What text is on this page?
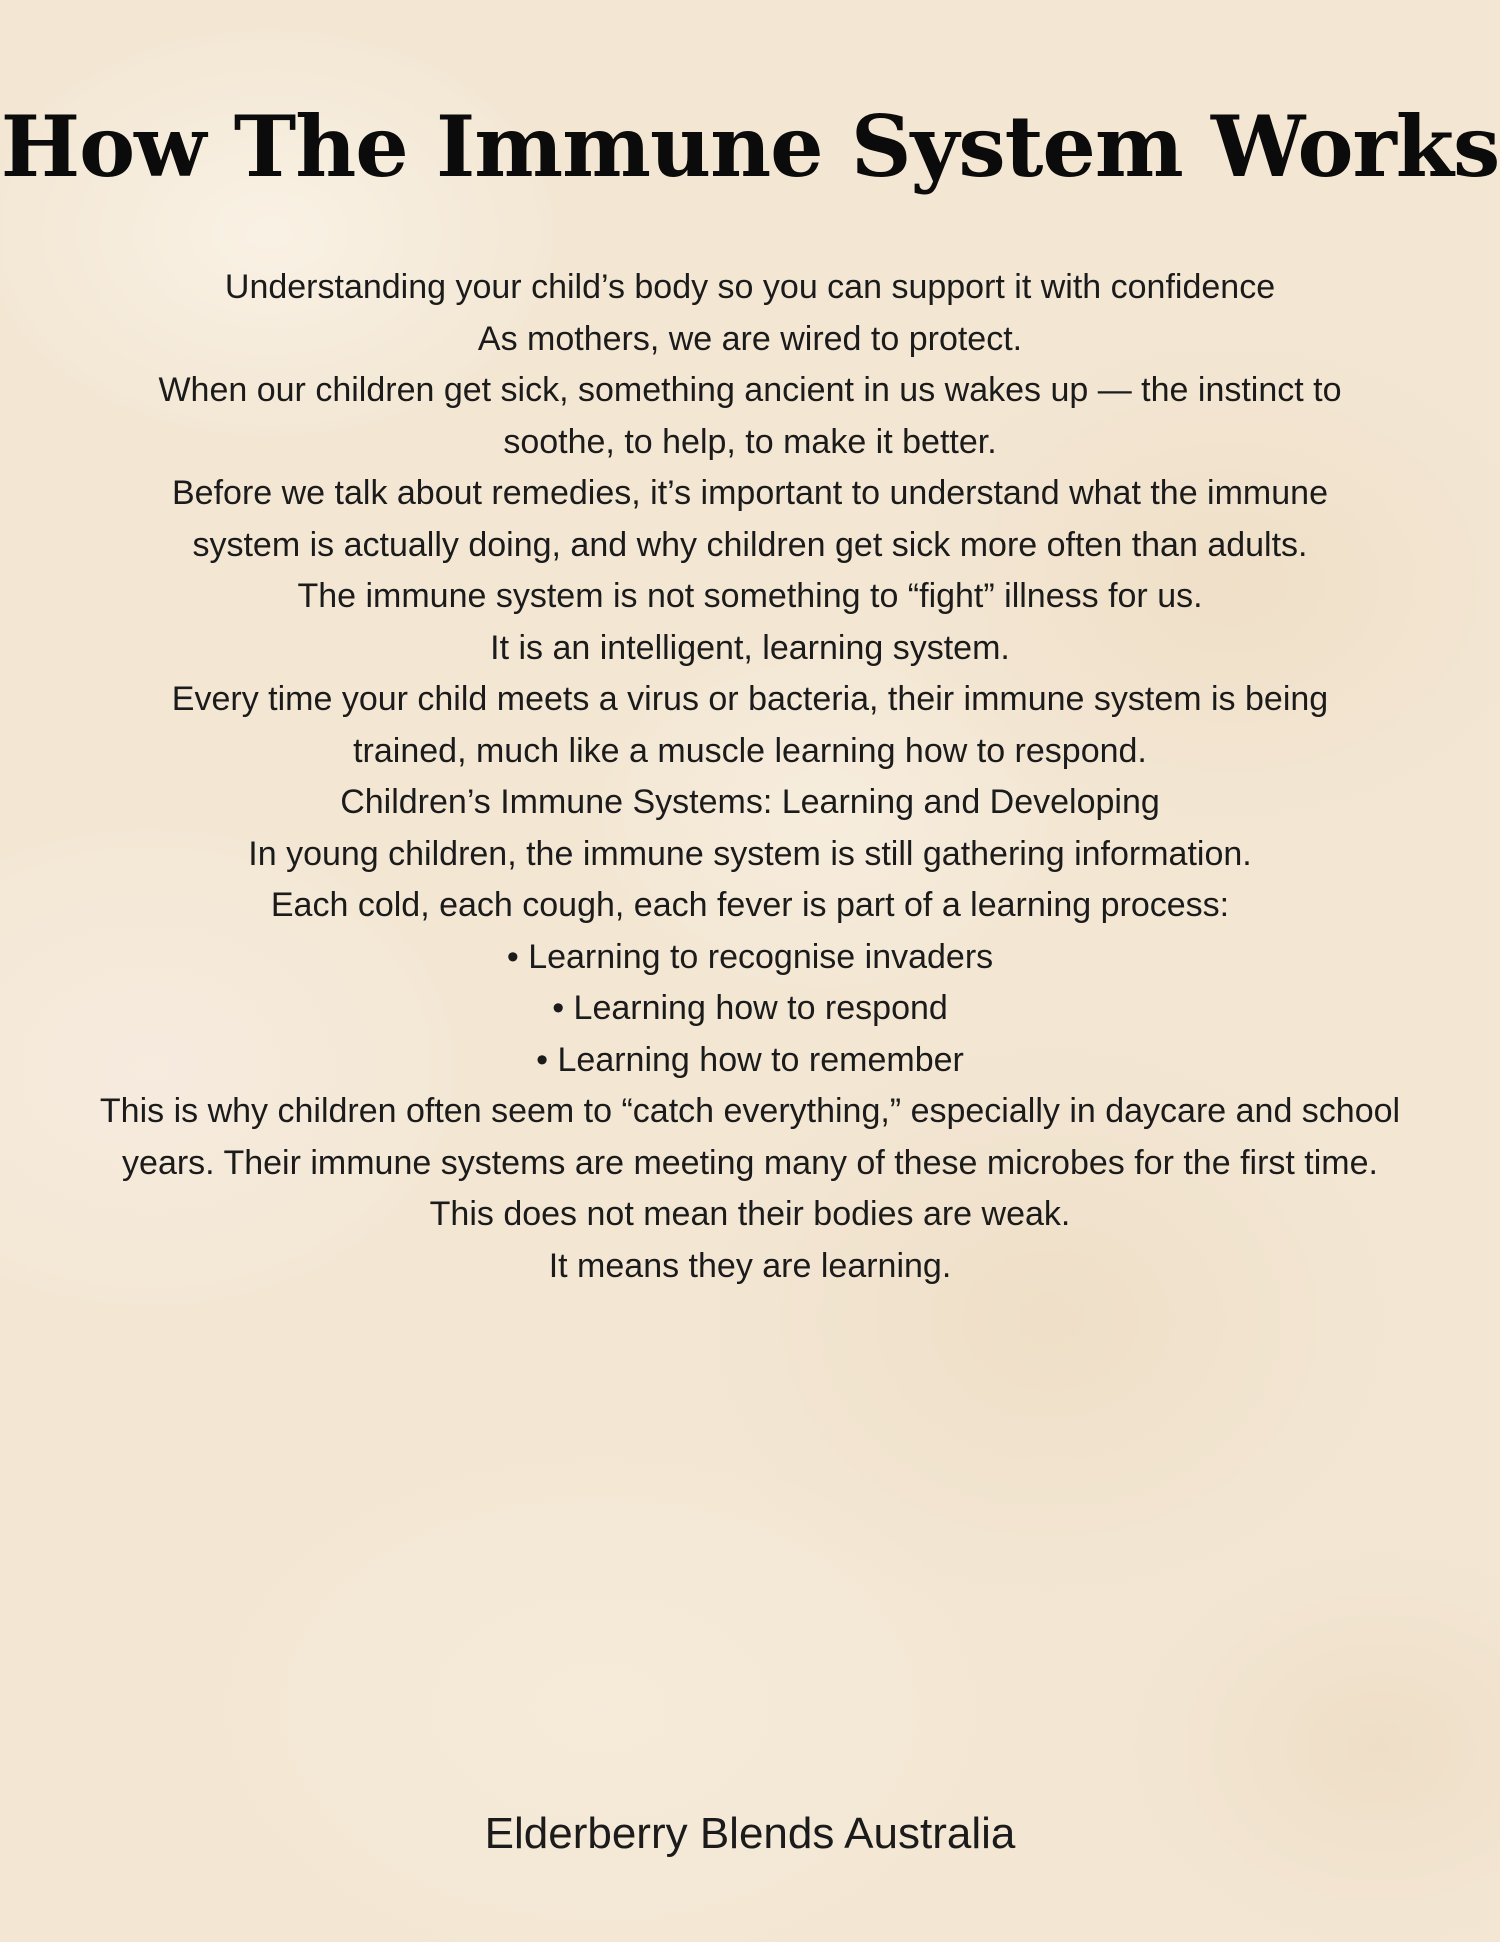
How The Immune System Works

Understanding your child’s body so you can support it with confidence

As mothers, we are wired to protect.

When our children get sick, something ancient in us wakes up — the instinct to soothe, to help, to make it better.

Before we talk about remedies, it’s important to understand what the immune system is actually doing, and why children get sick more often than adults.

The immune system is not something to “fight” illness for us.

It is an intelligent, learning system.

Every time your child meets a virus or bacteria, their immune system is being trained, much like a muscle learning how to respond.

Children’s Immune Systems: Learning and Developing

In young children, the immune system is still gathering information.

Each cold, each cough, each fever is part of a learning process:

• Learning to recognise invaders

• Learning how to respond

• Learning how to remember

This is why children often seem to “catch everything,” especially in daycare and school years. Their immune systems are meeting many of these microbes for the first time.

This does not mean their bodies are weak.

It means they are learning.

Elderberry Blends Australia
